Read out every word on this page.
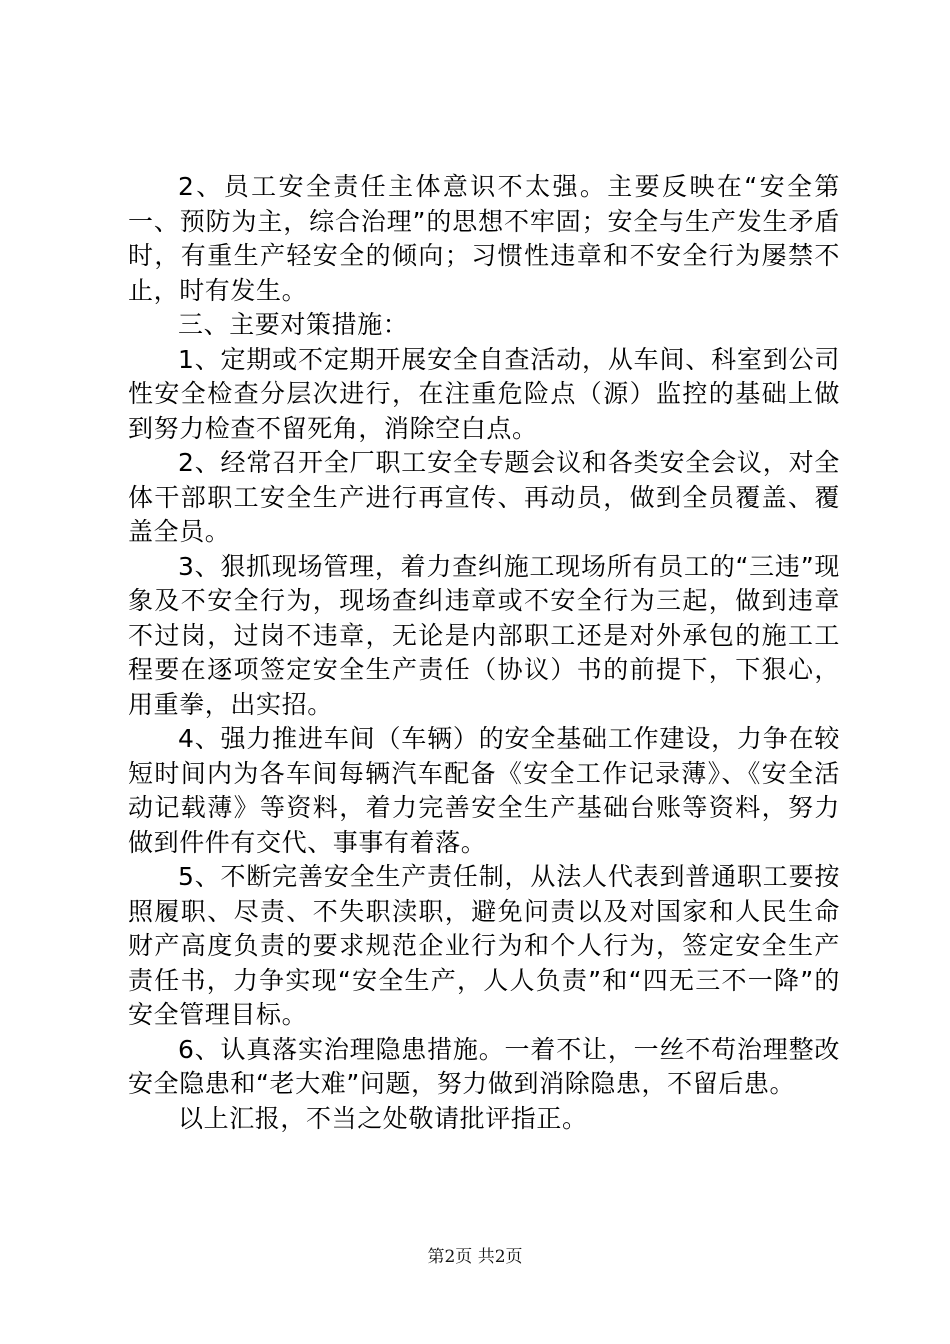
2、员工安全责任主体意识不太强。主要反映在“安全第一、预防为主，综合治理”的思想不牢固；安全与生产发生矛盾时，有重生产轻安全的倾向；习惯性违章和不安全行为屡禁不止，时有发生。

三、主要对策措施：

1、定期或不定期开展安全自查活动，从车间、科室到公司性安全检查分层次进行，在注重危险点（源）监控的基础上做到努力检查不留死角，消除空白点。

2、经常召开全厂职工安全专题会议和各类安全会议，对全体干部职工安全生产进行再宣传、再动员，做到全员覆盖、覆盖全员。

3、狠抓现场管理，着力查纠施工现场所有员工的“三违”现象及不安全行为，现场查纠违章或不安全行为三起，做到违章不过岗，过岗不违章，无论是内部职工还是对外承包的施工工程要在逐项签定安全生产责任（协议）书的前提下，下狠心，用重拳，出实招。

4、强力推进车间（车辆）的安全基础工作建设，力争在较短时间内为各车间每辆汽车配备《安全工作记录薄》、《安全活动记载薄》等资料，着力完善安全生产基础台账等资料，努力做到件件有交代、事事有着落。

5、不断完善安全生产责任制，从法人代表到普通职工要按照履职、尽责、不失职渎职，避免问责以及对国家和人民生命财产高度负责的要求规范企业行为和个人行为，签定安全生产责任书，力争实现“安全生产，人人负责”和“四无三不一降”的安全管理目标。

6、认真落实治理隐患措施。一着不让，一丝不苟治理整改安全隐患和“老大难”问题，努力做到消除隐患，不留后患。

以上汇报，不当之处敬请批评指正。

第2页 共2页
